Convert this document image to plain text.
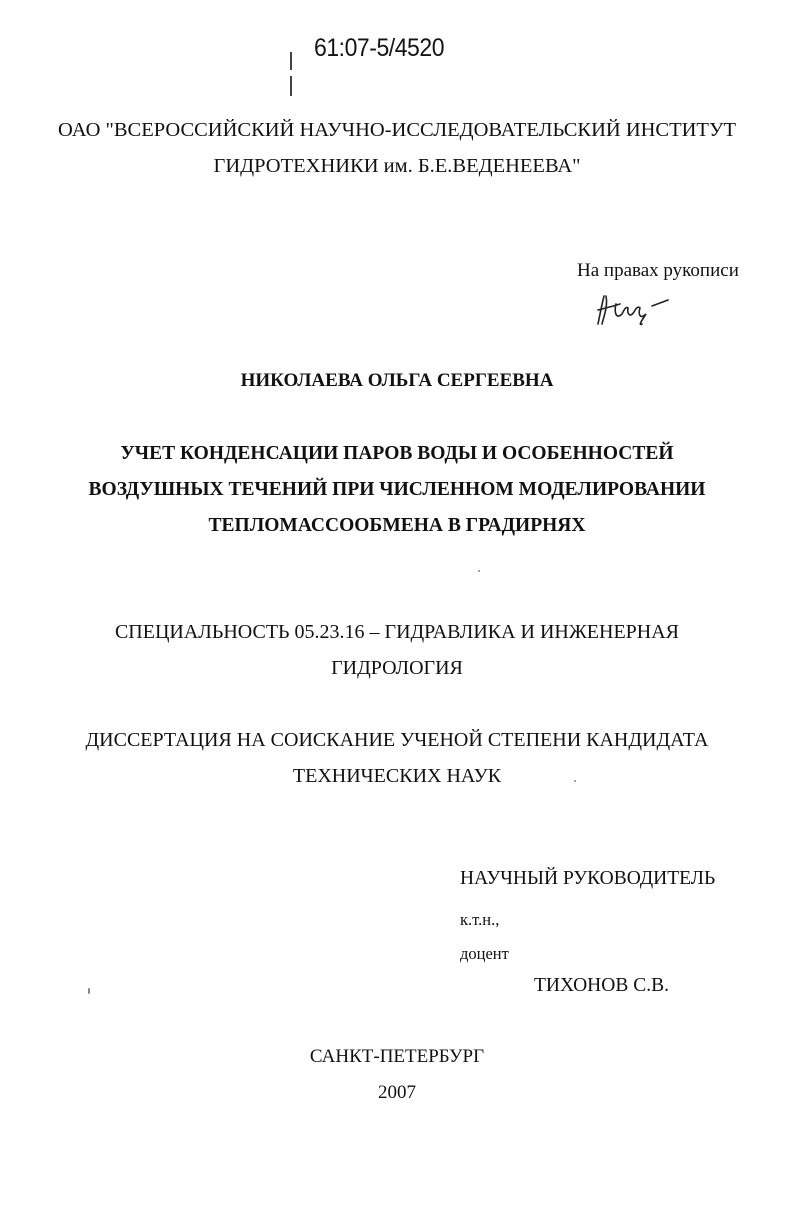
61:07-5/4520
ОАО "ВСЕРОССИЙСКИЙ НАУЧНО-ИССЛЕДОВАТЕЛЬСКИЙ ИНСТИТУТ
ГИДРОТЕХНИКИ им. Б.Е.ВЕДЕНЕЕВА"
На правах рукописи
НИКОЛАЕВА ОЛЬГА СЕРГЕЕВНА
УЧЕТ КОНДЕНСАЦИИ ПАРОВ ВОДЫ И ОСОБЕННОСТЕЙ
ВОЗДУШНЫХ ТЕЧЕНИЙ ПРИ ЧИСЛЕННОМ МОДЕЛИРОВАНИИ
ТЕПЛОМАССООБМЕНА В ГРАДИРНЯХ
СПЕЦИАЛЬНОСТЬ 05.23.16 – ГИДРАВЛИКА И ИНЖЕНЕРНАЯ
ГИДРОЛОГИЯ
ДИССЕРТАЦИЯ НА СОИСКАНИЕ УЧЕНОЙ СТЕПЕНИ КАНДИДАТА
ТЕХНИЧЕСКИХ НАУК
НАУЧНЫЙ РУКОВОДИТЕЛЬ
к.т.н.,
доцент
ТИХОНОВ С.В.
САНКТ-ПЕТЕРБУРГ
2007
